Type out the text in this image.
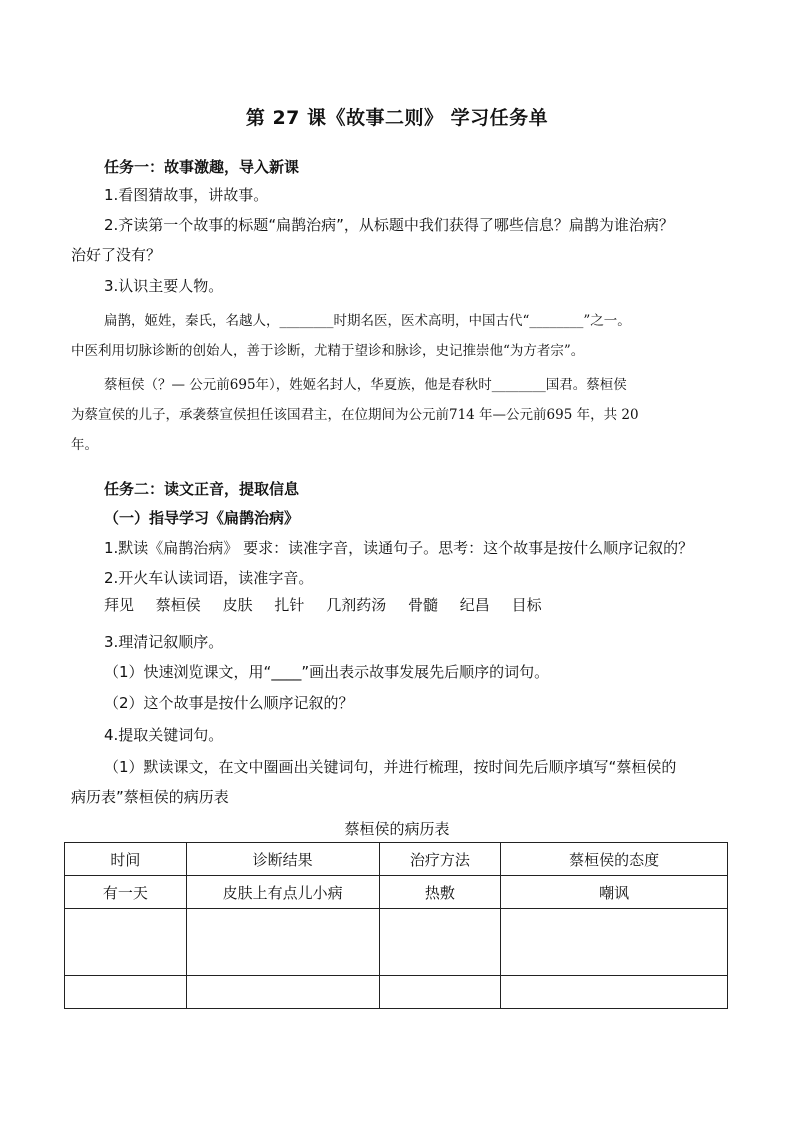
第 27 课《故事二则》 学习任务单
任务一：故事激趣，导入新课
1.看图猜故事，讲故事。
2.齐读第一个故事的标题“扁鹊治病”，从标题中我们获得了哪些信息？扁鹊为谁治病？
治好了没有？
3.认识主要人物。
扁鹊，姬姓，秦氏，名越人，________时期名医，医术高明，中国古代“________”之一。
中医利用切脉诊断的创始人，善于诊断，尤精于望诊和脉诊，史记推崇他“为方者宗”。
蔡桓侯（？— 公元前695年），姓姬名封人，华夏族，他是春秋时________国君。蔡桓侯
为蔡宣侯的儿子，承袭蔡宣侯担任该国君主，在位期间为公元前714 年—公元前695 年，共 20
年。
任务二：读文正音，提取信息
（一）指导学习《扁鹊治病》
1.默读《扁鹊治病》 要求：读准字音，读通句子。思考：这个故事是按什么顺序记叙的？
2.开火车认读词语，读准字音。
拜见 蔡桓侯 皮肤 扎针 几剂药汤 骨髓 纪昌 目标
3.理清记叙顺序。
（1）快速浏览课文，用“____”画出表示故事发展先后顺序的词句。
（2）这个故事是按什么顺序记叙的？
4.提取关键词句。
（1）默读课文，在文中圈画出关键词句，并进行梳理，按时间先后顺序填写“蔡桓侯的
病历表”蔡桓侯的病历表
蔡桓侯的病历表
时间	诊断结果	治疗方法	蔡桓侯的态度
有一天	皮肤上有点儿小病	热敷	嘲讽
